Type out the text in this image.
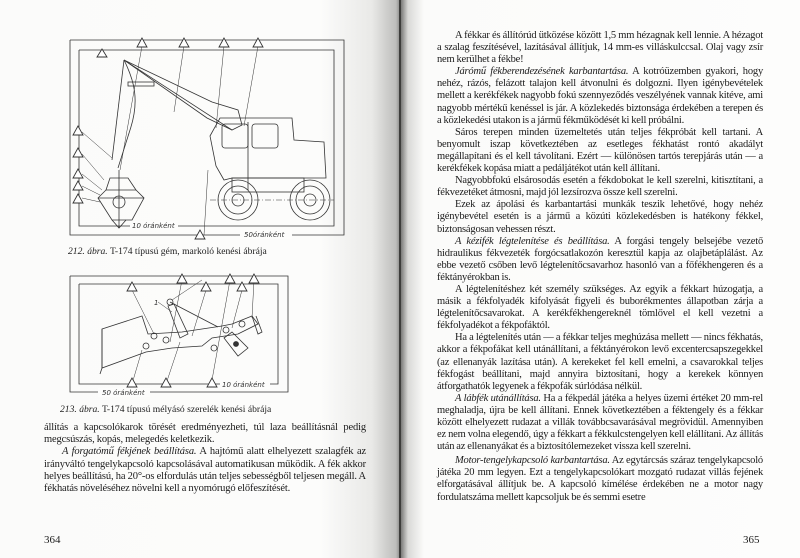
10 óránként
50óránként
212. ábra. T-174 típusú gém, markoló kenési ábrája
1
10 óránként
50 óránként
213. ábra. T-174 típusú mélyásó szerelék kenési ábrája

állítás a kapcsolókarok törését eredményezheti, túl laza beállításnál pedig megcsúszás, kopás, melegedés keletkezik.

A forgatómű fékjének beállítása. A hajtómű alatt elhelyezett szalagfék az irányváltó tengelykapcsoló kapcsolásával automatikusan működik. A fék akkor helyes beállítású, ha 20°-os elfordulás után teljes sebességből teljesen megáll. A fékhatás növeléséhez növelni kell a nyomórugó előfeszítését.

364

A fékkar és állítórúd ütközése között 1,5 mm hézagnak kell lennie. A hézagot a szalag feszítésével, lazításával állítjuk, 14 mm-es villáskulccsal. Olaj vagy zsír nem kerülhet a fékbe!

Járómű fékberendezésének karbantartása. A kotróüzemben gyakori, hogy nehéz, rázós, felázott talajon kell átvonulni és dolgozni. Ilyen igénybevételek mellett a kerékfékek nagyobb fokú szennyeződés veszélyének vannak kitéve, ami nagyobb mértékű kenéssel is jár. A közlekedés biztonsága érdekében a terepen és a közlekedési utakon is a jármű fékműködését ki kell próbálni.

Sáros terepen minden üzemeltetés után teljes fékpróbát kell tartani. A benyomult iszap következtében az esetleges fékhatást rontó akadályt megállapítani és el kell távolítani. Ezért — különösen tartós terepjárás után — a kerékfékek kopása miatt a pedáljátékot után kell állítani.

Nagyobbfokú elsárosodás esetén a fékdobokat le kell szerelni, kitisztítani, a fékvezetéket átmosni, majd jól lezsírozva össze kell szerelni.

Ezek az ápolási és karbantartási munkák teszik lehetővé, hogy nehéz igénybevétel esetén is a jármű a közúti közlekedésben is hatékony fékkel, biztonságosan vehessen részt.

A kézifék légtelenítése és beállítása. A forgási tengely belsejébe vezető hidraulikus fékvezeték forgócsatlakozón keresztül kapja az olajbetáplálást. Az ebbe vezető csőben levő légtelenítőcsavarhoz hasonló van a főfékhengeren és a féktányérokban is.

A légtelenítéshez két személy szükséges. Az egyik a fékkart húzogatja, a másik a fékfolyadék kifolyását figyeli és buborékmentes állapotban zárja a légtelenítőcsavarokat. A kerékfékhengereknél tömlővel el kell vezetni a fékfolyadékot a fékpofáktól.

Ha a légtelenítés után — a fékkar teljes meghúzása mellett — nincs fékhatás, akkor a fékpofákat kell utánállítani, a féktányérokon levő excentercsapszegekkel (az ellenanyák lazítása után). A kerekeket fel kell emelni, a csavarokkal teljes fékfogást beállítani, majd annyira biztosítani, hogy a kerekek könnyen átforgathatók legyenek a fékpofák súrlódása nélkül.

A lábfék utánállítása. Ha a fékpedál játéka a helyes üzemi értéket 20 mm-rel meghaladja, újra be kell állítani. Ennek következtében a féktengely és a fékkar között elhelyezett rudazat a villák továbbcsavarásával megrövidül. Amennyiben ez nem volna elegendő, úgy a fékkart a fékkulcstengelyen kell elállítani. Az állítás után az ellenanyákat és a biztosítólemezeket vissza kell szerelni.

Motor-tengelykapcsoló karbantartása. Az egytárcsás száraz tengelykapcsoló játéka 20 mm legyen. Ezt a tengelykapcsolókart mozgató rudazat villás fejének elforgatásával állítjuk be. A kapcsoló kímélése érdekében ne a motor nagy fordulatszáma mellett kapcsoljuk be és semmi esetre

365
